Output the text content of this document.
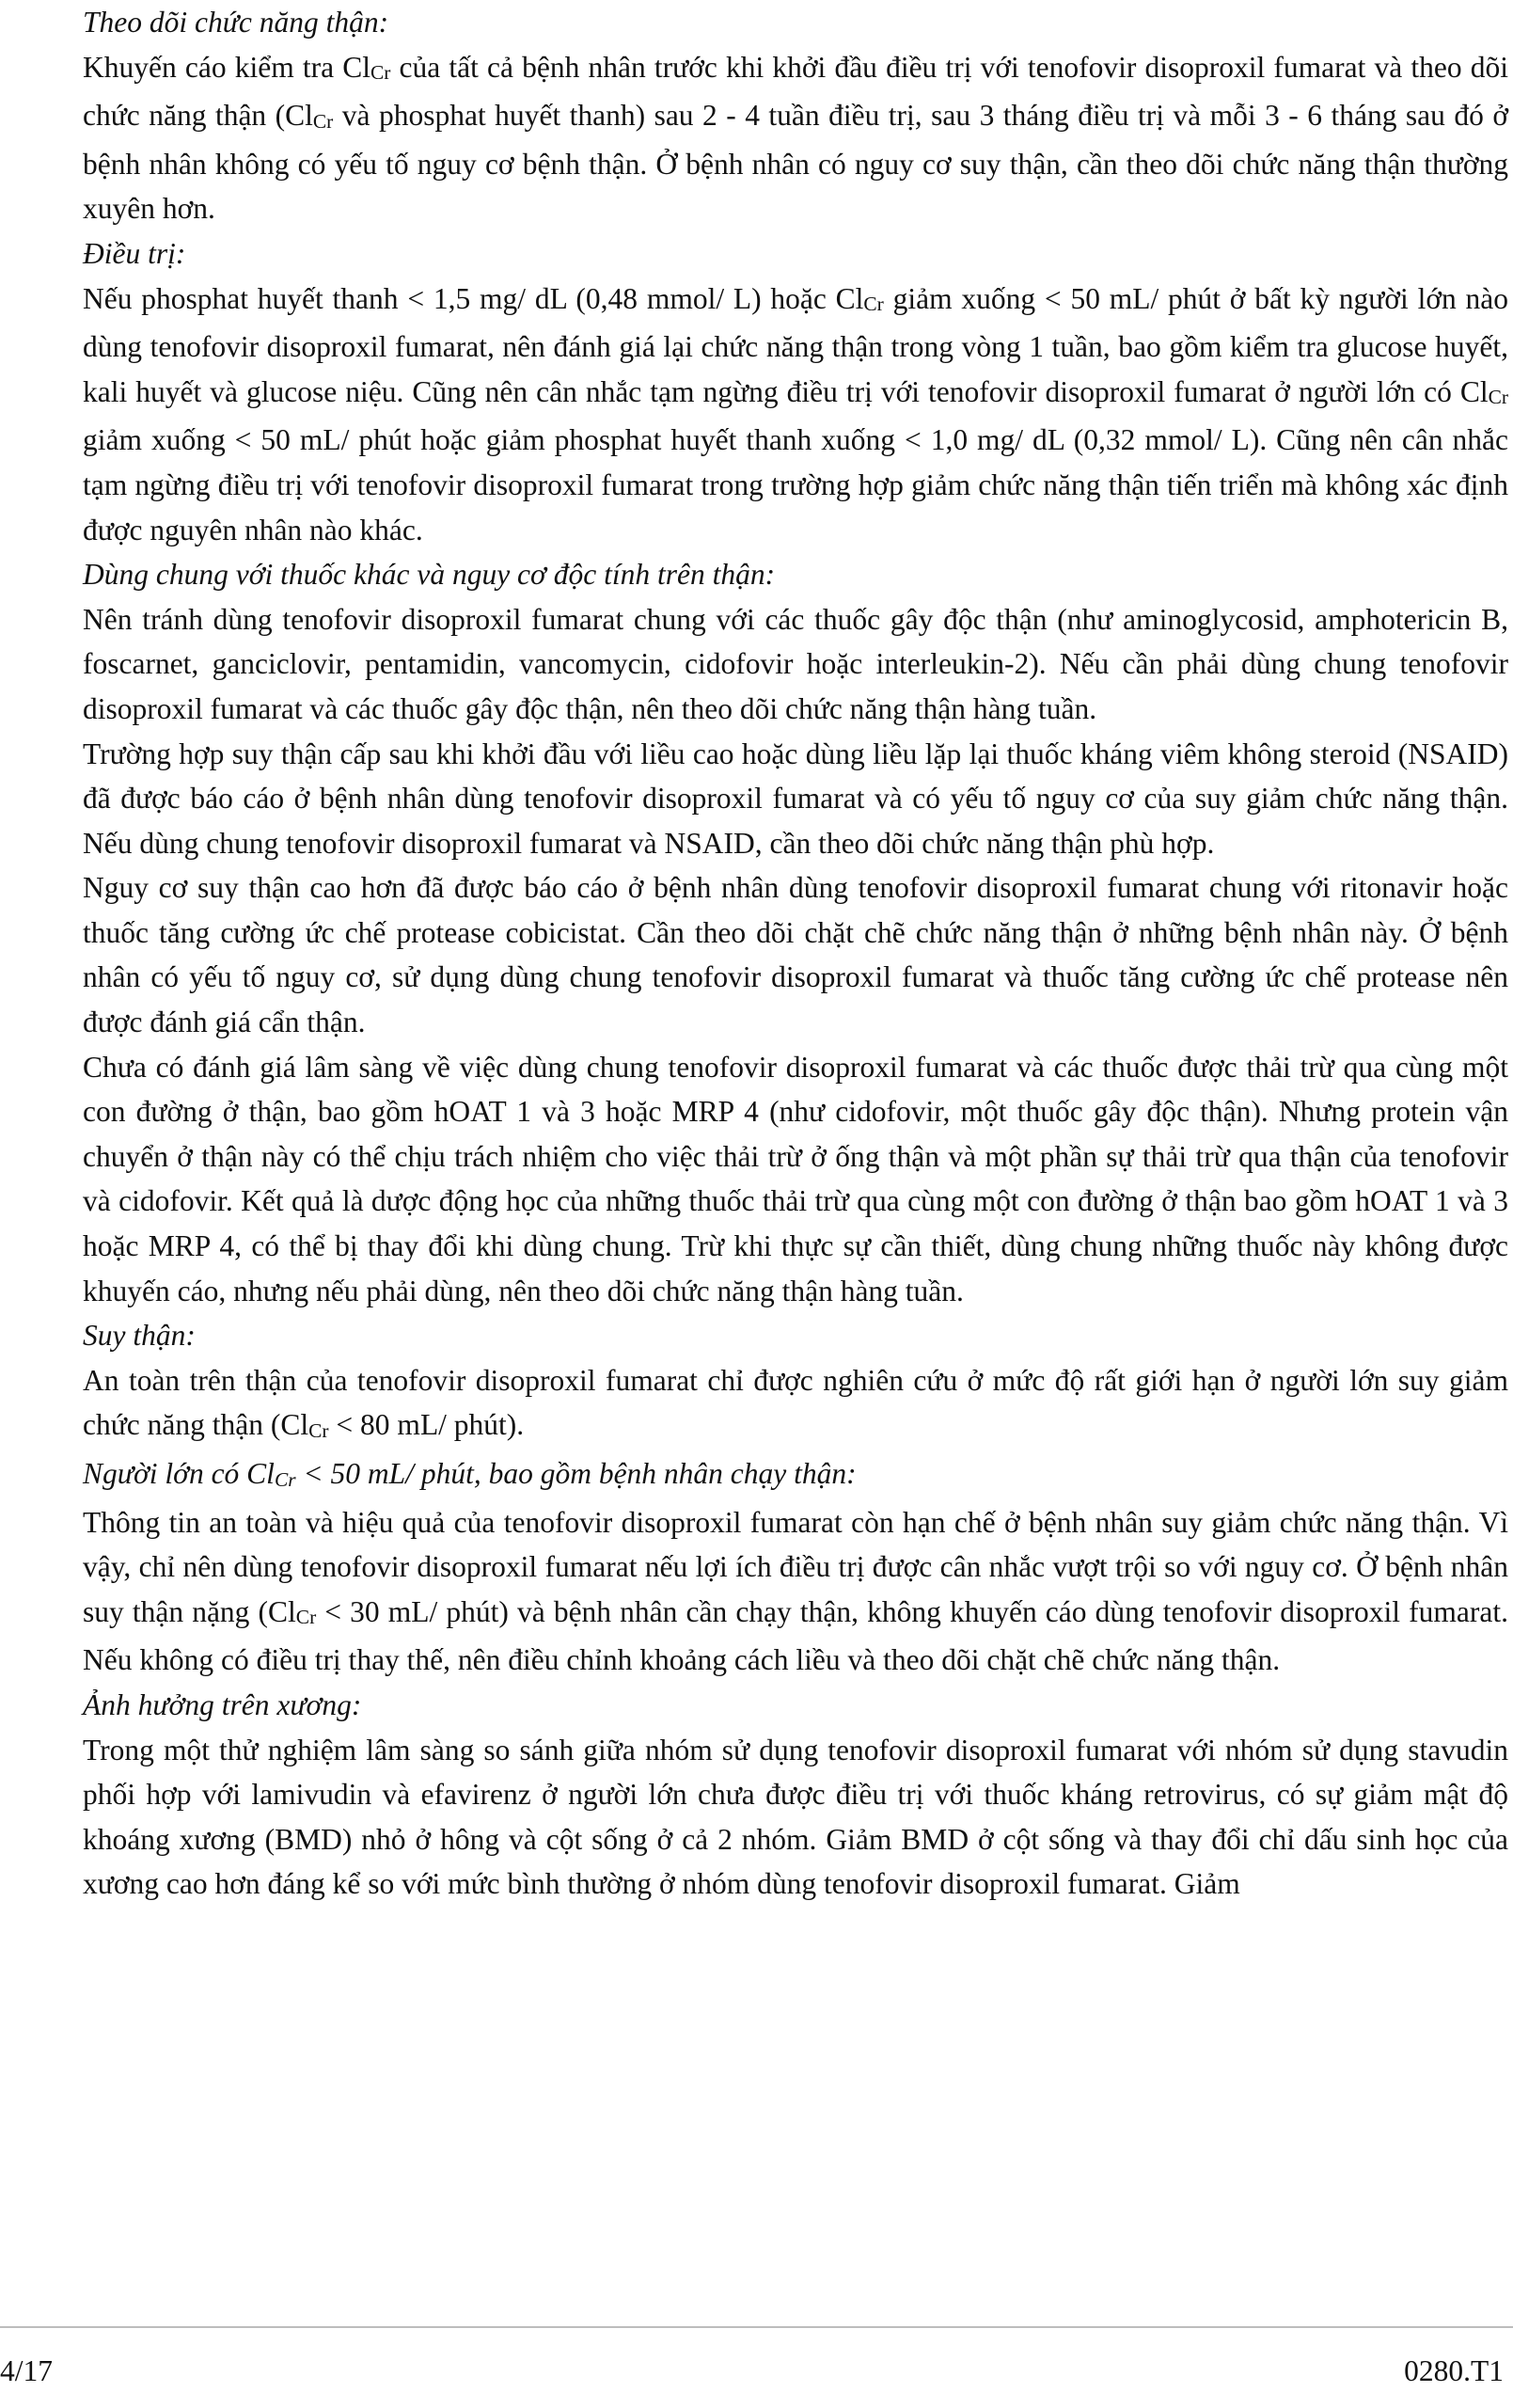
Theo dõi chức năng thận:

Khuyến cáo kiểm tra $Cl_{Cr}$ của tất cả bệnh nhân trước khi khởi đầu điều trị với tenofovir disoproxil fumarat và theo dõi chức năng thận ($Cl_{Cr}$ và phosphat huyết thanh) sau 2 - 4 tuần điều trị, sau 3 tháng điều trị và mỗi 3 - 6 tháng sau đó ở bệnh nhân không có yếu tố nguy cơ bệnh thận. Ở bệnh nhân có nguy cơ suy thận, cần theo dõi chức năng thận thường xuyên hơn.

Điều trị:

Nếu phosphat huyết thanh < 1,5 mg/ dL (0,48 mmol/ L) hoặc $Cl_{Cr}$ giảm xuống < 50 mL/ phút ở bất kỳ người lớn nào dùng tenofovir disoproxil fumarat, nên đánh giá lại chức năng thận trong vòng 1 tuần, bao gồm kiểm tra glucose huyết, kali huyết và glucose niệu. Cũng nên cân nhắc tạm ngừng điều trị với tenofovir disoproxil fumarat ở người lớn có $Cl_{Cr}$ giảm xuống < 50 mL/ phút hoặc giảm phosphat huyết thanh xuống < 1,0 mg/ dL (0,32 mmol/ L). Cũng nên cân nhắc tạm ngừng điều trị với tenofovir disoproxil fumarat trong trường hợp giảm chức năng thận tiến triển mà không xác định được nguyên nhân nào khác.

Dùng chung với thuốc khác và nguy cơ độc tính trên thận:

Nên tránh dùng tenofovir disoproxil fumarat chung với các thuốc gây độc thận (như aminoglycosid, amphotericin B, foscarnet, ganciclovir, pentamidin, vancomycin, cidofovir hoặc interleukin-2). Nếu cần phải dùng chung tenofovir disoproxil fumarat và các thuốc gây độc thận, nên theo dõi chức năng thận hàng tuần.

Trường hợp suy thận cấp sau khi khởi đầu với liều cao hoặc dùng liều lặp lại thuốc kháng viêm không steroid (NSAID) đã được báo cáo ở bệnh nhân dùng tenofovir disoproxil fumarat và có yếu tố nguy cơ của suy giảm chức năng thận. Nếu dùng chung tenofovir disoproxil fumarat và NSAID, cần theo dõi chức năng thận phù hợp.

Nguy cơ suy thận cao hơn đã được báo cáo ở bệnh nhân dùng tenofovir disoproxil fumarat chung với ritonavir hoặc thuốc tăng cường ức chế protease cobicistat. Cần theo dõi chặt chẽ chức năng thận ở những bệnh nhân này. Ở bệnh nhân có yếu tố nguy cơ, sử dụng dùng chung tenofovir disoproxil fumarat và thuốc tăng cường ức chế protease nên được đánh giá cẩn thận.

Chưa có đánh giá lâm sàng về việc dùng chung tenofovir disoproxil fumarat và các thuốc được thải trừ qua cùng một con đường ở thận, bao gồm hOAT 1 và 3 hoặc MRP 4 (như cidofovir, một thuốc gây độc thận). Nhưng protein vận chuyển ở thận này có thể chịu trách nhiệm cho việc thải trừ ở ống thận và một phần sự thải trừ qua thận của tenofovir và cidofovir. Kết quả là dược động học của những thuốc thải trừ qua cùng một con đường ở thận bao gồm hOAT 1 và 3 hoặc MRP 4, có thể bị thay đổi khi dùng chung. Trừ khi thực sự cần thiết, dùng chung những thuốc này không được khuyến cáo, nhưng nếu phải dùng, nên theo dõi chức năng thận hàng tuần.

Suy thận:

An toàn trên thận của tenofovir disoproxil fumarat chỉ được nghiên cứu ở mức độ rất giới hạn ở người lớn suy giảm chức năng thận ($Cl_{Cr} < 80$ mL/ phút).

Người lớn có $Cl_{Cr} < 50$ mL/ phút, bao gồm bệnh nhân chạy thận:

Thông tin an toàn và hiệu quả của tenofovir disoproxil fumarat còn hạn chế ở bệnh nhân suy giảm chức năng thận. Vì vậy, chỉ nên dùng tenofovir disoproxil fumarat nếu lợi ích điều trị được cân nhắc vượt trội so với nguy cơ. Ở bệnh nhân suy thận nặng ($Cl_{Cr} < 30$ mL/ phút) và bệnh nhân cần chạy thận, không khuyến cáo dùng tenofovir disoproxil fumarat. Nếu không có điều trị thay thế, nên điều chỉnh khoảng cách liều và theo dõi chặt chẽ chức năng thận.

Ảnh hưởng trên xương:

Trong một thử nghiệm lâm sàng so sánh giữa nhóm sử dụng tenofovir disoproxil fumarat với nhóm sử dụng stavudin phối hợp với lamivudin và efavirenz ở người lớn chưa được điều trị với thuốc kháng retrovirus, có sự giảm mật độ khoáng xương (BMD) nhỏ ở hông và cột sống ở cả 2 nhóm. Giảm BMD ở cột sống và thay đổi chỉ dấu sinh học của xương cao hơn đáng kể so với mức bình thường ở nhóm dùng tenofovir disoproxil fumarat. Giảm

4/17	0280.T1
